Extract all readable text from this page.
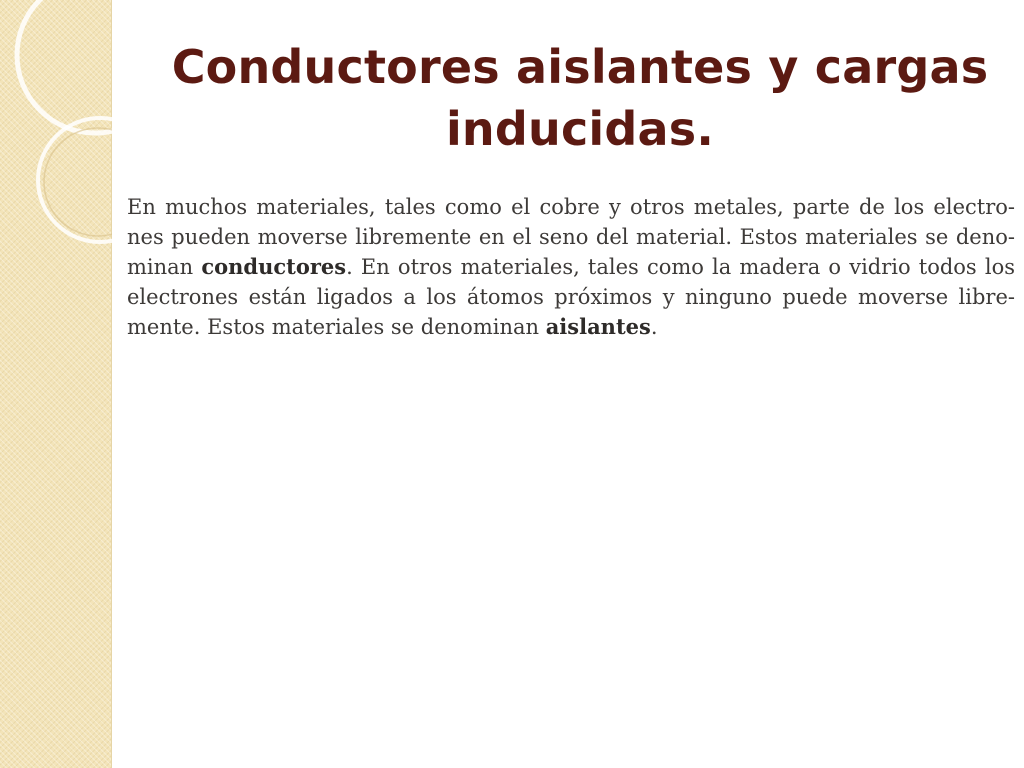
Conductores aislantes y cargas inducidas.
En muchos materiales, tales como el cobre y otros metales, parte de los electro-
nes pueden moverse libremente en el seno del material. Estos materiales se deno-
minan conductores. En otros materiales, tales como la madera o vidrio todos los
electrones están ligados a los átomos próximos y ninguno puede moverse libre-
mente. Estos materiales se denominan aislantes.
